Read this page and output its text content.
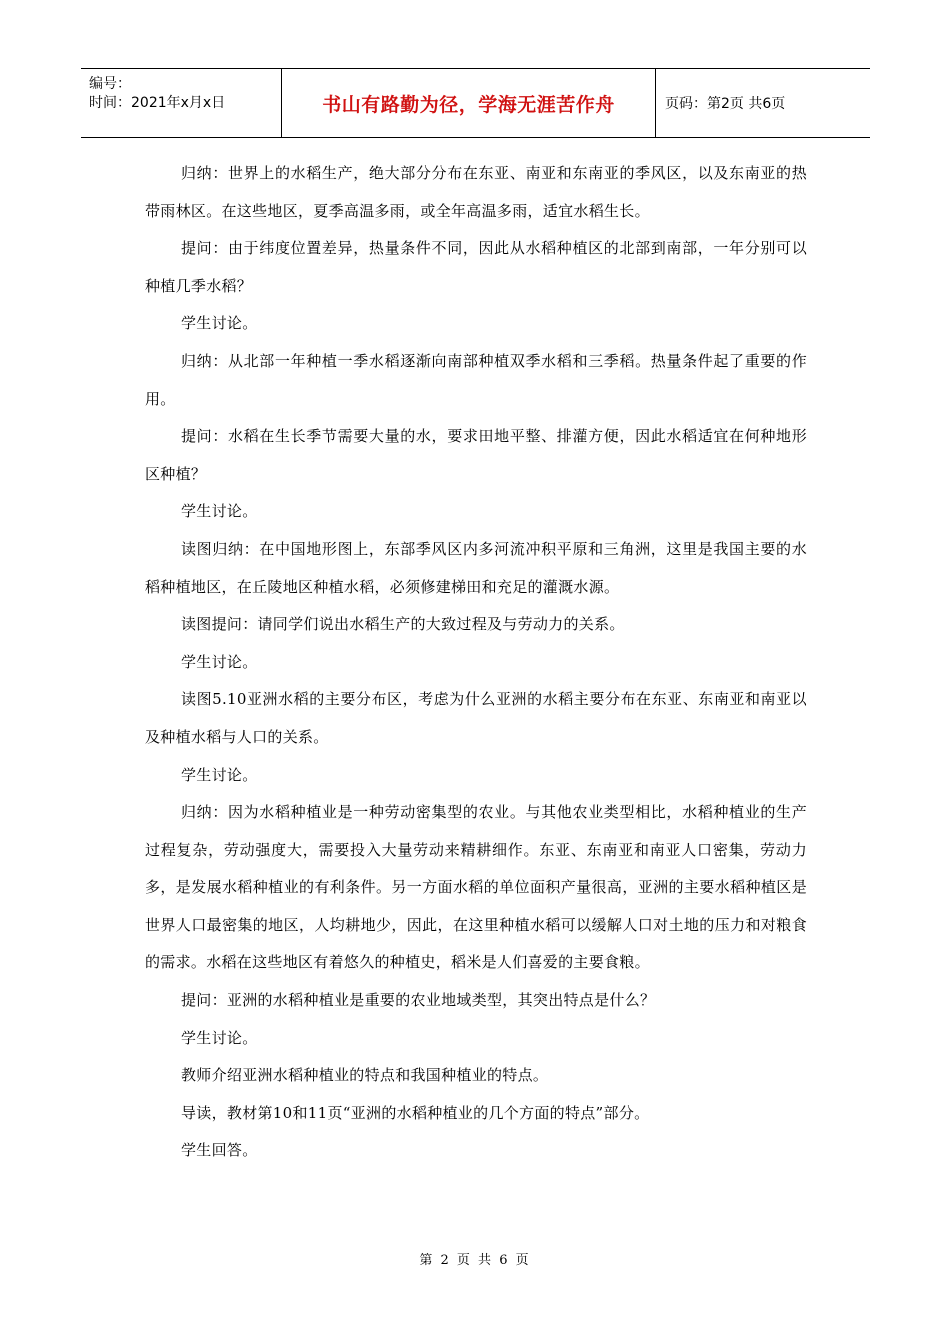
编号：
时间：2021年x月x日	书山有路勤为径，学海无涯苦作舟	页码：第2页 共6页

归纳：世界上的水稻生产，绝大部分分布在东亚、南亚和东南亚的季风区，以及东南亚的热带雨林区。在这些地区，夏季高温多雨，或全年高温多雨，适宜水稻生长。

提问：由于纬度位置差异，热量条件不同，因此从水稻种植区的北部到南部，一年分别可以种植几季水稻？

学生讨论。

归纳：从北部一年种植一季水稻逐渐向南部种植双季水稻和三季稻。热量条件起了重要的作用。

提问：水稻在生长季节需要大量的水，要求田地平整、排灌方便，因此水稻适宜在何种地形区种植？

学生讨论。

读图归纳：在中国地形图上，东部季风区内多河流冲积平原和三角洲，这里是我国主要的水稻种植地区，在丘陵地区种植水稻，必须修建梯田和充足的灌溉水源。

读图提问：请同学们说出水稻生产的大致过程及与劳动力的关系。

学生讨论。

读图5.10亚洲水稻的主要分布区，考虑为什么亚洲的水稻主要分布在东亚、东南亚和南亚以及种植水稻与人口的关系。

学生讨论。

归纳：因为水稻种植业是一种劳动密集型的农业。与其他农业类型相比，水稻种植业的生产过程复杂，劳动强度大，需要投入大量劳动来精耕细作。东亚、东南亚和南亚人口密集，劳动力多，是发展水稻种植业的有利条件。另一方面水稻的单位面积产量很高，亚洲的主要水稻种植区是世界人口最密集的地区，人均耕地少，因此，在这里种植水稻可以缓解人口对土地的压力和对粮食的需求。水稻在这些地区有着悠久的种植史，稻米是人们喜爱的主要食粮。

提问：亚洲的水稻种植业是重要的农业地域类型，其突出特点是什么？

学生讨论。

教师介绍亚洲水稻种植业的特点和我国种植业的特点。

导读，教材第10和11页“亚洲的水稻种植业的几个方面的特点”部分。

学生回答。

第 2 页 共 6 页
